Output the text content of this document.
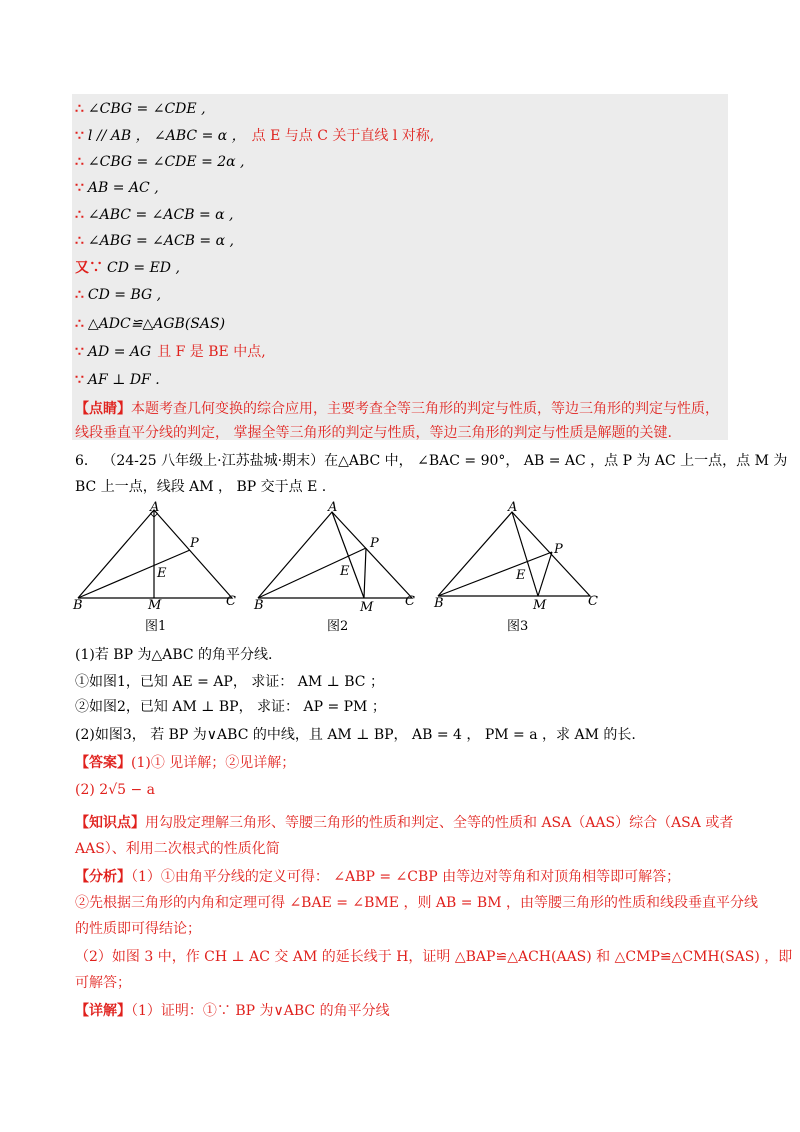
∴ ∠CBG = ∠CDE ,
∵ l // AB ， ∠ABC = α ， 点 E 与点 C 关于直线 l 对称,
∴ ∠CBG = ∠CDE = 2α ,
∵ AB = AC ,
∴ ∠ABC = ∠ACB = α ,
∴ ∠ABG = ∠ACB = α ,
又∵ CD = ED ,
∴ CD = BG ,
∴ △ADC≌△AGB(SAS)
∵ AD = AG 且 F 是 BE 中点,
∵ AF ⊥ DF .
【点睛】本题考查几何变换的综合应用，主要考查全等三角形的判定与性质，等边三角形的判定与性质，
线段垂直平分线的判定， 掌握全等三角形的判定与性质，等边三角形的判定与性质是解题的关键.
6． （24-25 八年级上·江苏盐城·期末）在△ABC 中， ∠BAC = 90°， AB = AC ，点 P 为 AC 上一点，点 M 为
BC 上一点，线段 AM ， BP 交于点 E .
A
B	C
M
P
E
图1
A
B	C
M
P
E
图2
A
B	C
M
P
E
图3
(1)若 BP 为△ABC 的角平分线.
①如图1，已知 AE = AP， 求证： AM ⊥ BC ；
②如图2，已知 AM ⊥ BP， 求证： AP = PM ；
(2)如图3， 若 BP 为∨ABC 的中线，且 AM ⊥ BP， AB = 4 ， PM = a ，求 AM 的长.
【答案】(1)① 见详解；②见详解；
(2) 2√5 − a
【知识点】用勾股定理解三角形、等腰三角形的性质和判定、全等的性质和 ASA（AAS）综合（ASA 或者
AAS）、利用二次根式的性质化简
【分析】（1）①由角平分线的定义可得： ∠ABP = ∠CBP 由等边对等角和对顶角相等即可解答；
②先根据三角形的内角和定理可得 ∠BAE = ∠BME ，则 AB = BM ，由等腰三角形的性质和线段垂直平分线
的性质即可得结论；
（2）如图 3 中，作 CH ⊥ AC 交 AM 的延长线于 H，证明 △BAP≌△ACH(AAS) 和 △CMP≌△CMH(SAS) ，即
可解答；
【详解】（1）证明：①∵ BP 为∨ABC 的角平分线
